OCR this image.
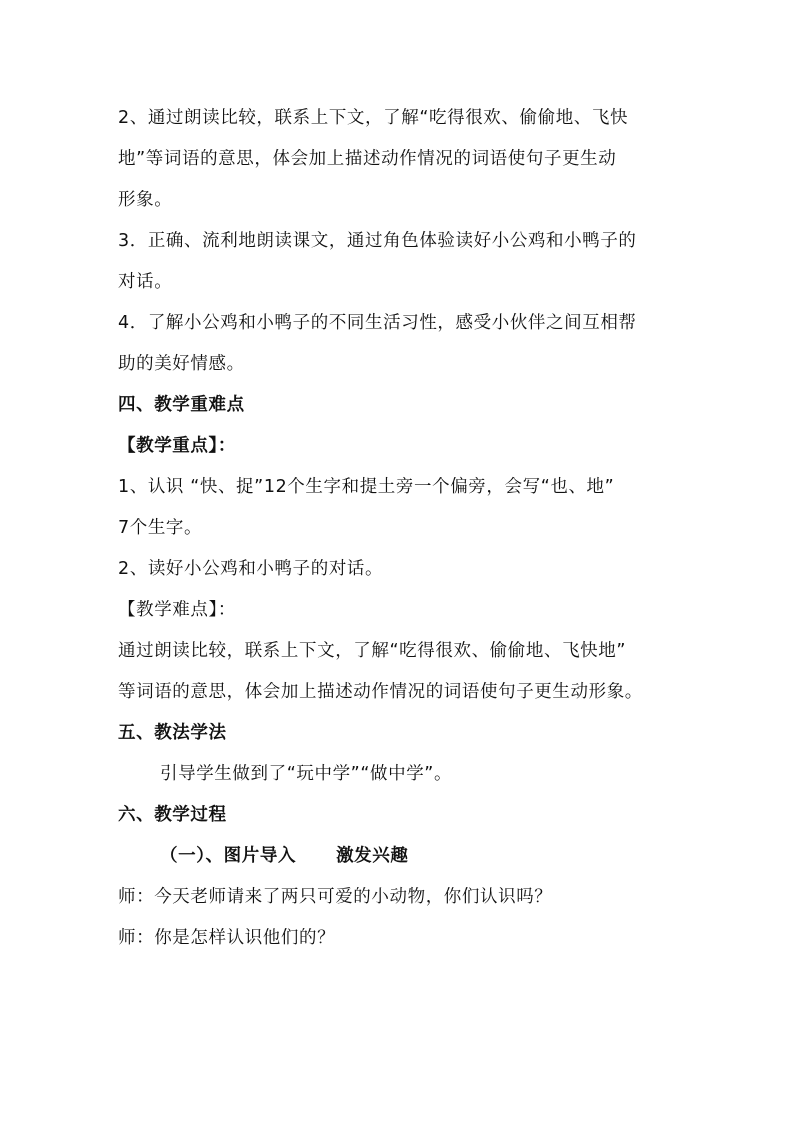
2、通过朗读比较，联系上下文，了解“吃得很欢、偷偷地、飞快
地”等词语的意思，体会加上描述动作情况的词语使句子更生动
形象。
3．正确、流利地朗读课文，通过角色体验读好小公鸡和小鸭子的
对话。
4．了解小公鸡和小鸭子的不同生活习性，感受小伙伴之间互相帮
助的美好情感。
四、教学重难点
【教学重点】：
1、认识 “快、捉”12个生字和提土旁一个偏旁，会写“也、地”
7个生字。
2、读好小公鸡和小鸭子的对话。
【教学难点】：
通过朗读比较，联系上下文，了解“吃得很欢、偷偷地、飞快地”
等词语的意思，体会加上描述动作情况的词语使句子更生动形象。
五、教法学法
引导学生做到了“玩中学”“做中学”。
六、教学过程
（一）、图片导入 激发兴趣
师：今天老师请来了两只可爱的小动物，你们认识吗？
师：你是怎样认识他们的？
